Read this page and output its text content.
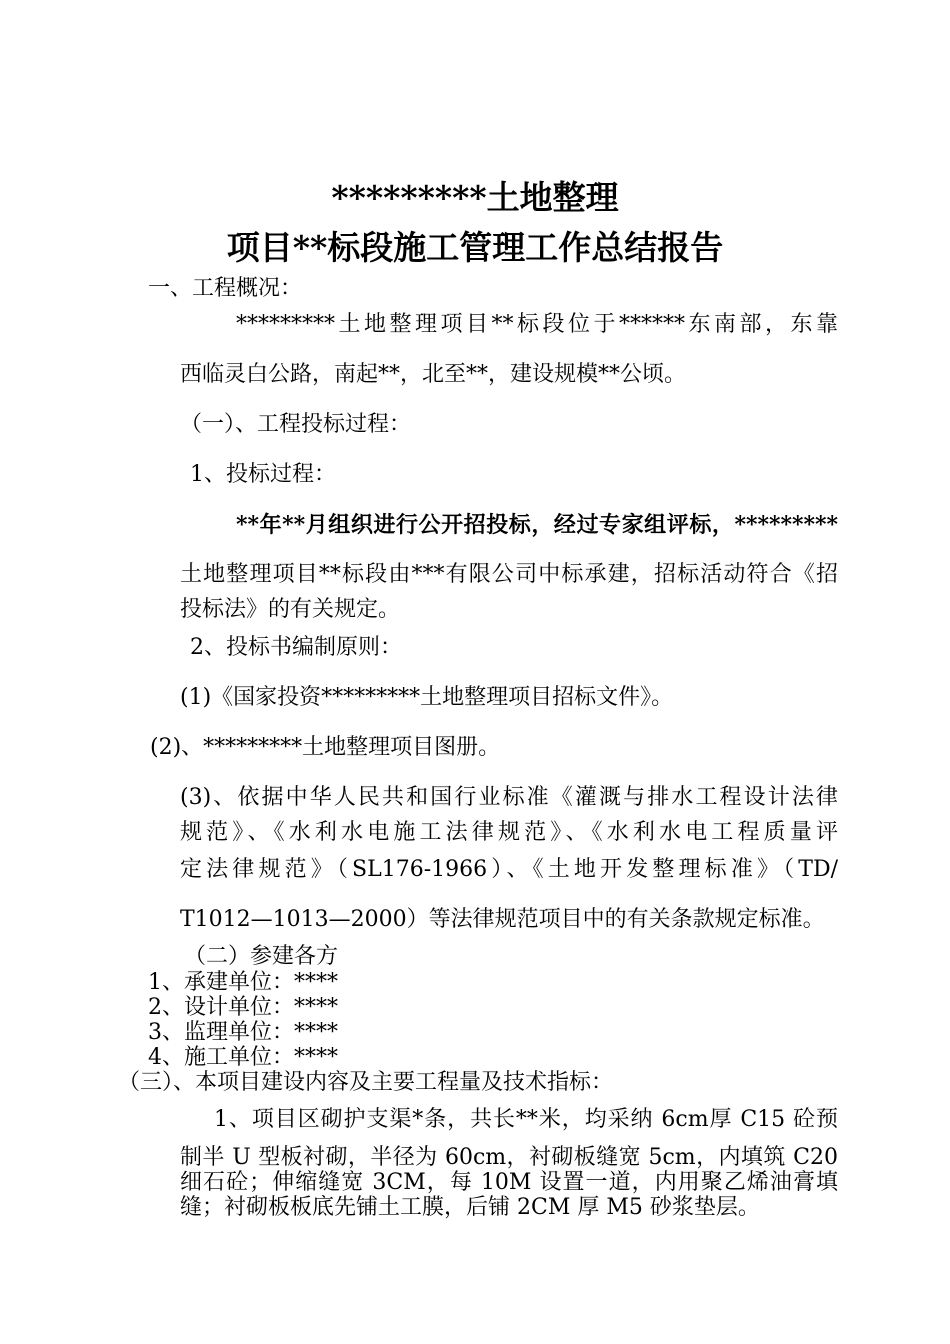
*********土地整理
项目**标段施工管理工作总结报告
一、工程概况：
*********土地整理项目**标段位于******东南部，东靠
西临灵白公路，南起**，北至**，建设规模**公顷。
（一）、工程投标过程：
1、投标过程：
**年**月组织进行公开招投标，经过专家组评标，*********
土地整理项目**标段由***有限公司中标承建，招标活动符合《招
投标法》的有关规定。
2、投标书编制原则：
(1)《国家投资*********土地整理项目招标文件》。
(2)、*********土地整理项目图册。
(3)、依据中华人民共和国行业标准《灌溉与排水工程设计法律
规范》、《水利水电施工法律规范》、《水利水电工程质量评
定法律规范》（SL176-1966）、《土地开发整理标准》（TD/
T1012—1013—2000）等法律规范项目中的有关条款规定标准。
（二）参建各方
1、承建单位：****
2、设计单位：****
3、监理单位：****
4、施工单位：****
（三）、本项目建设内容及主要工程量及技术指标：
1、项目区砌护支渠*条，共长**米，均采纳 6cm厚 C15 砼预
制半 U 型板衬砌，半径为 60cm，衬砌板缝宽 5cm，内填筑 C20
细石砼；伸缩缝宽 3CM，每 10M 设置一道，内用聚乙烯油膏填
缝；衬砌板板底先铺土工膜，后铺 2CM 厚 M5 砂浆垫层。
